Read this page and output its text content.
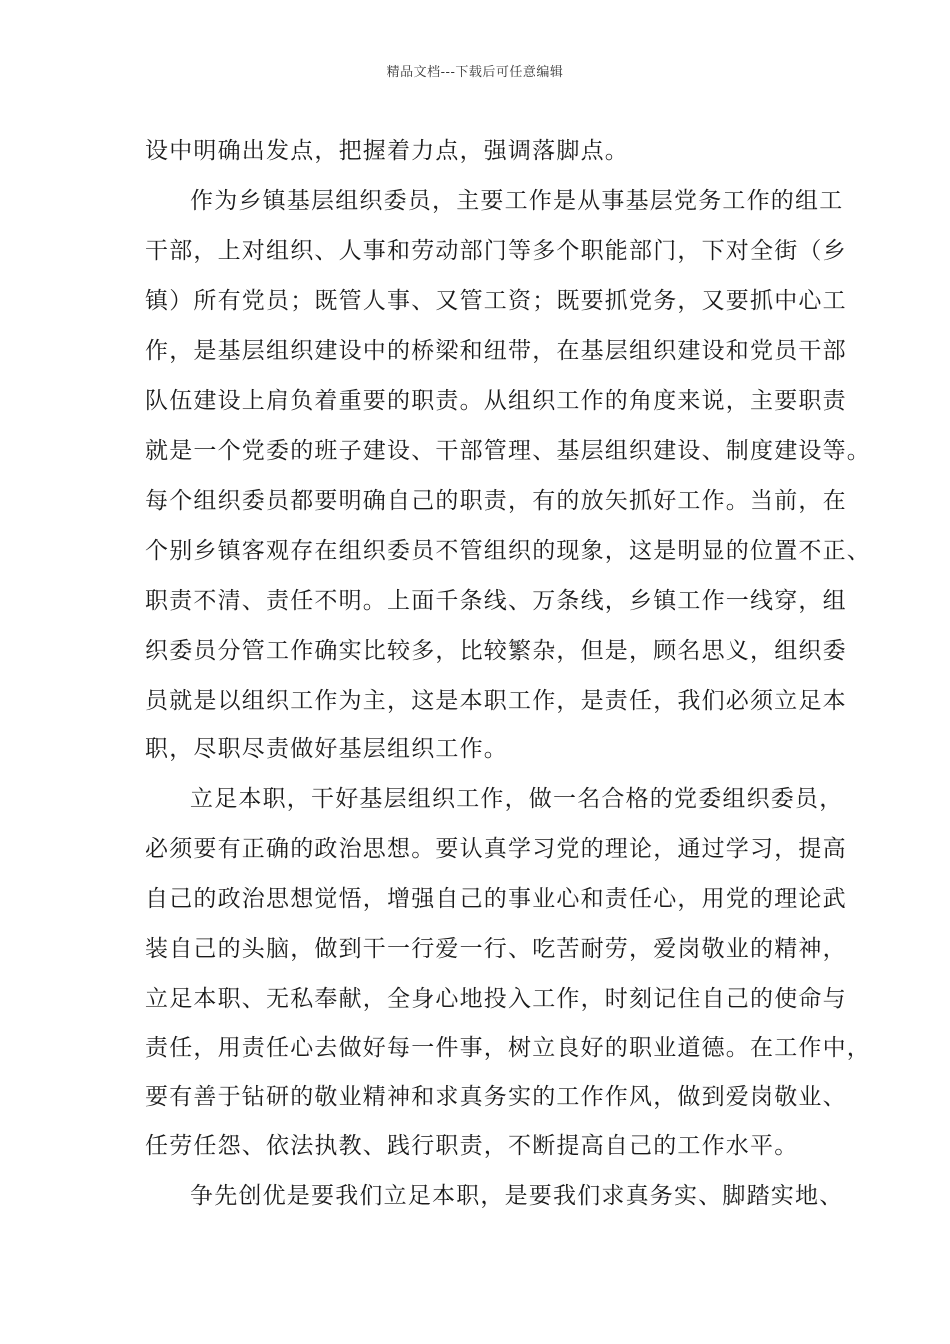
精品文档---下载后可任意编辑
设中明确出发点，把握着力点，强调落脚点。
作为乡镇基层组织委员，主要工作是从事基层党务工作的组工
干部，上对组织、人事和劳动部门等多个职能部门，下对全街（乡
镇）所有党员；既管人事、又管工资；既要抓党务，又要抓中心工
作，是基层组织建设中的桥梁和纽带，在基层组织建设和党员干部
队伍建设上肩负着重要的职责。从组织工作的角度来说，主要职责
就是一个党委的班子建设、干部管理、基层组织建设、制度建设等。
每个组织委员都要明确自己的职责，有的放矢抓好工作。当前，在
个别乡镇客观存在组织委员不管组织的现象，这是明显的位置不正、
职责不清、责任不明。上面千条线、万条线，乡镇工作一线穿，组
织委员分管工作确实比较多，比较繁杂，但是，顾名思义，组织委
员就是以组织工作为主，这是本职工作，是责任，我们必须立足本
职，尽职尽责做好基层组织工作。
立足本职，干好基层组织工作，做一名合格的党委组织委员，
必须要有正确的政治思想。要认真学习党的理论，通过学习，提高
自己的政治思想觉悟，增强自己的事业心和责任心，用党的理论武
装自己的头脑，做到干一行爱一行、吃苦耐劳，爱岗敬业的精神，
立足本职、无私奉献，全身心地投入工作，时刻记住自己的使命与
责任，用责任心去做好每一件事，树立良好的职业道德。在工作中，
要有善于钻研的敬业精神和求真务实的工作作风，做到爱岗敬业、
任劳任怨、依法执教、践行职责，不断提高自己的工作水平。
争先创优是要我们立足本职，是要我们求真务实、脚踏实地、
